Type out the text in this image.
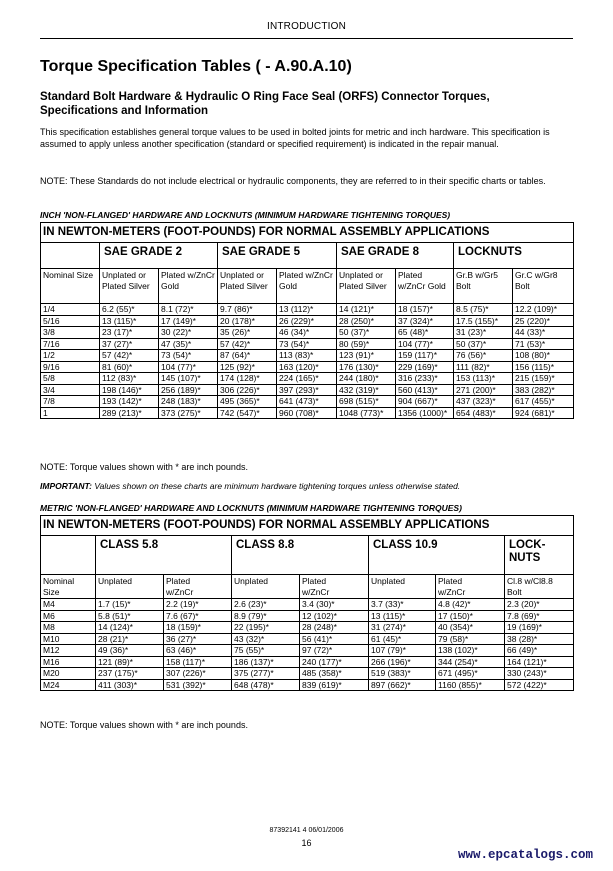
INTRODUCTION
Torque Specification Tables ( - A.90.A.10)
Standard Bolt Hardware & Hydraulic O Ring Face Seal (ORFS) Connector Torques, Specifications and Information
This specification establishes general torque values to be used in bolted joints for metric and inch hardware. This specification is assumed to apply unless another specification (standard or specified requirement) is indicated in the repair manual.
NOTE: These Standards do not include electrical or hydraulic components, they are referred to in their specific charts or tables.
INCH 'NON-FLANGED' HARDWARE AND LOCKNUTS (MINIMUM HARDWARE TIGHTENING TORQUES)
IN NEWTON-METERS (FOOT-POUNDS) FOR NORMAL ASSEMBLY APPLICATIONS								
	SAE GRADE 2		SAE GRADE 5		SAE GRADE 8		LOCKNUTS	
Nominal Size	Unplated or Plated Silver	Plated w/ZnCr Gold	Unplated or Plated Silver	Plated w/ZnCr Gold	Unplated or Plated Silver	Plated w/ZnCr Gold	Gr.B w/Gr5 Bolt	Gr.C w/Gr8 Bolt
1/4	6.2 (55)*	8.1 (72)*	9.7 (86)*	13 (112)*	14 (121)*	18 (157)*	8.5 (75)*	12.2 (109)*
5/16	13 (115)*	17 (149)*	20 (178)*	26 (229)*	28 (250)*	37 (324)*	17.5 (155)*	25 (220)*
3/8	23 (17)*	30 (22)*	35 (26)*	46 (34)*	50 (37)*	65 (48)*	31 (23)*	44 (33)*
7/16	37 (27)*	47 (35)*	57 (42)*	73 (54)*	80 (59)*	104 (77)*	50 (37)*	71 (53)*
1/2	57 (42)*	73 (54)*	87 (64)*	113 (83)*	123 (91)*	159 (117)*	76 (56)*	108 (80)*
9/16	81 (60)*	104 (77)*	125 (92)*	163 (120)*	176 (130)*	229 (169)*	111 (82)*	156 (115)*
5/8	112 (83)*	145 (107)*	174 (128)*	224 (165)*	244 (180)*	316 (233)*	153 (113)*	215 (159)*
3/4	198 (146)*	256 (189)*	306 (226)*	397 (293)*	432 (319)*	560 (413)*	271 (200)*	383 (282)*
7/8	193 (142)*	248 (183)*	495 (365)*	641 (473)*	698 (515)*	904 (667)*	437 (323)*	617 (455)*
1	289 (213)*	373 (275)*	742 (547)*	960 (708)*	1048 (773)*	1356 (1000)*	654 (483)*	924 (681)*
NOTE: Torque values shown with * are inch pounds.
IMPORTANT: Values shown on these charts are minimum hardware tightening torques unless otherwise stated.
METRIC 'NON-FLANGED' HARDWARE AND LOCKNUTS (MINIMUM HARDWARE TIGHTENING TORQUES)
IN NEWTON-METERS (FOOT-POUNDS) FOR NORMAL ASSEMBLY APPLICATIONS							
	CLASS 5.8		CLASS 8.8		CLASS 10.9		LOCK-NUTS

Nominal Size	Unplated	Plated w/ZnCr	Unplated	Plated w/ZnCr	Unplated	Plated w/ZnCr	Cl.8 w/Cl8.8 Bolt

M4	1.7 (15)*	2.2 (19)*	2.6 (23)*	3.4 (30)*	3.7 (33)*	4.8 (42)*	2.3 (20)*
M6	5.8 (51)*	7.6 (67)*	8.9 (79)*	12 (102)*	13 (115)*	17 (150)*	7.8 (69)*
M8	14 (124)*	18 (159)*	22 (195)*	28 (248)*	31 (274)*	40 (354)*	19 (169)*
M10	28 (21)*	36 (27)*	43 (32)*	56 (41)*	61 (45)*	79 (58)*	38 (28)*
M12	49 (36)*	63 (46)*	75 (55)*	97 (72)*	107 (79)*	138 (102)*	66 (49)*
M16	121 (89)*	158 (117)*	186 (137)*	240 (177)*	266 (196)*	344 (254)*	164 (121)*
M20	237 (175)*	307 (226)*	375 (277)*	485 (358)*	519 (383)*	671 (495)*	330 (243)*
M24	411 (303)*	531 (392)*	648 (478)*	839 (619)*	897 (662)*	1160 (855)*	572 (422)*
NOTE: Torque values shown with * are inch pounds.
87392141 4 06/01/2006
16
www.epcatalogs.com
